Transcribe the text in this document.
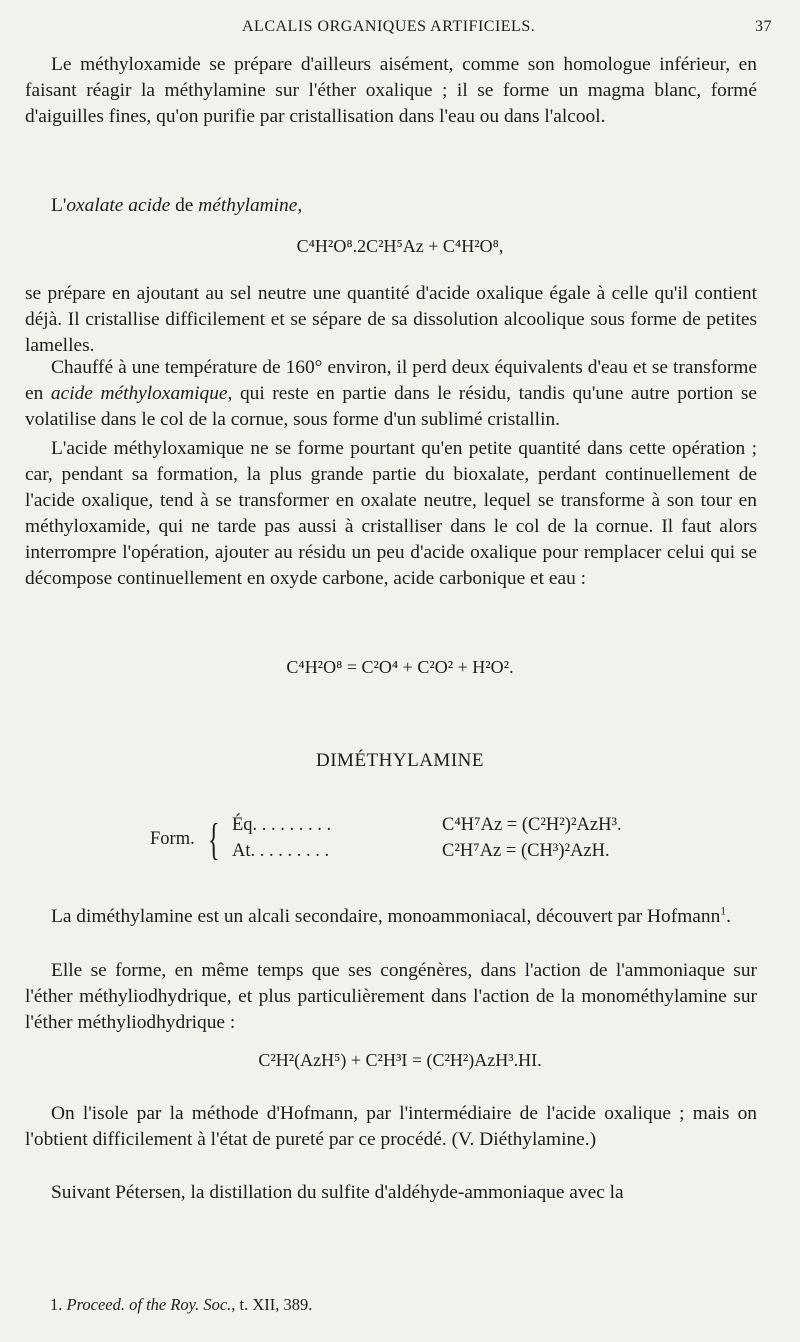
ALCALIS ORGANIQUES ARTIFICIELS.	37
Le méthyloxamide se prépare d'ailleurs aisément, comme son homologue inférieur, en faisant réagir la méthylamine sur l'éther oxalique ; il se forme un magma blanc, formé d'aiguilles fines, qu'on purifie par cristallisation dans l'eau ou dans l'alcool.
L'oxalate acide de méthylamine,
C⁴H²O⁸.2C²H⁵Az + C⁴H²O⁸,
se prépare en ajoutant au sel neutre une quantité d'acide oxalique égale à celle qu'il contient déjà. Il cristallise difficilement et se sépare de sa dissolution alcoolique sous forme de petites lamelles.
Chauffé à une température de 160° environ, il perd deux équivalents d'eau et se transforme en acide méthyloxamique, qui reste en partie dans le résidu, tandis qu'une autre portion se volatilise dans le col de la cornue, sous forme d'un sublimé cristallin.
L'acide méthyloxamique ne se forme pourtant qu'en petite quantité dans cette opération ; car, pendant sa formation, la plus grande partie du bioxalate, perdant continuellement de l'acide oxalique, tend à se transformer en oxalate neutre, lequel se transforme à son tour en méthyloxamide, qui ne tarde pas aussi à cristalliser dans le col de la cornue. Il faut alors interrompre l'opération, ajouter au résidu un peu d'acide oxalique pour remplacer celui qui se décompose continuellement en oxyde carbone, acide carbonique et eau :
C⁴H²O⁸ = C²O⁴ + C²O² + H²O².
DIMÉTHYLAMINE
Form. { Éq. . . . . . . . .	C⁴H⁷Az = (C²H²)²AzH³.
At. . . . . . . . .	C²H⁷Az = (CH³)²AzH.
La diméthylamine est un alcali secondaire, monoammoniacal, découvert par Hofmann$^1$.
Elle se forme, en même temps que ses congénères, dans l'action de l'ammoniaque sur l'éther méthyliodhydrique, et plus particulièrement dans l'action de la monométhylamine sur l'éther méthyliodhydrique :
C²H²(AzH⁵) + C²H³I = (C²H²)AzH³.HI.
On l'isole par la méthode d'Hofmann, par l'intermédiaire de l'acide oxalique ; mais on l'obtient difficilement à l'état de pureté par ce procédé. (V. Diéthylamine.)
Suivant Pétersen, la distillation du sulfite d'aldéhyde-ammoniaque avec la
1. Proceed. of the Roy. Soc., t. XII, 389.
